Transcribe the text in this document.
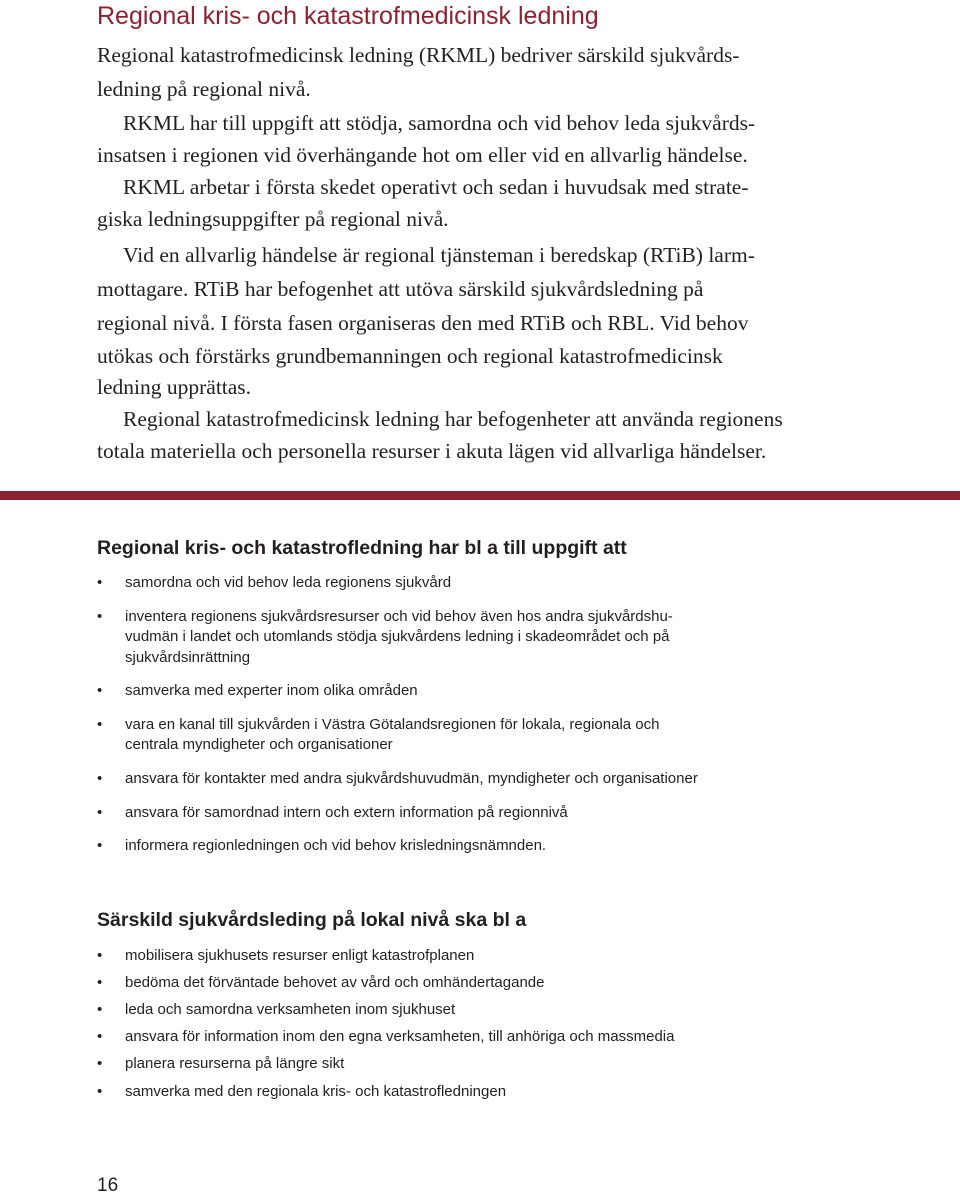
Regional kris- och katastrofmedicinsk ledning
Regional katastrofmedicinsk ledning (RKML) bedriver särskild sjukvårds-
ledning på regional nivå.
RKML har till uppgift att stödja, samordna och vid behov leda sjukvårds-
insatsen i regionen vid överhängande hot om eller vid en allvarlig händelse.
RKML arbetar i första skedet operativt och sedan i huvudsak med strate-
giska ledningsuppgifter på regional nivå.
Vid en allvarlig händelse är regional tjänsteman i beredskap (RTiB) larm-
mottagare. RTiB har befogenhet att utöva särskild sjukvårdsledning på
regional nivå. I första fasen organiseras den med RTiB och RBL. Vid behov
utökas och förstärks grundbemanningen och regional katastrofmedicinsk
ledning upprättas.
Regional katastrofmedicinsk ledning har befogenheter att använda regionens
totala materiella och personella resurser i akuta lägen vid allvarliga händelser.
Regional kris- och katastrofledning har bl a till uppgift att
• samordna och vid behov leda regionens sjukvård
• inventera regionens sjukvårdsresurser och vid behov även hos andra sjukvårdshu-
vudmän i landet och utomlands stödja sjukvårdens ledning i skadeområdet och på
sjukvårdsinrättning
• samverka med experter inom olika områden
• vara en kanal till sjukvården i Västra Götalandsregionen för lokala, regionala och
centrala myndigheter och organisationer
• ansvara för kontakter med andra sjukvårdshuvudmän, myndigheter och organisationer
• ansvara för samordnad intern och extern information på regionnivå
• informera regionledningen och vid behov krisledningsnämnden.
Särskild sjukvårdsleding på lokal nivå ska bl a
• mobilisera sjukhusets resurser enligt katastrofplanen
• bedöma det förväntade behovet av vård och omhändertagande
• leda och samordna verksamheten inom sjukhuset
• ansvara för information inom den egna verksamheten, till anhöriga och massmedia
• planera resurserna på längre sikt
• samverka med den regionala kris- och katastrofledningen
16
